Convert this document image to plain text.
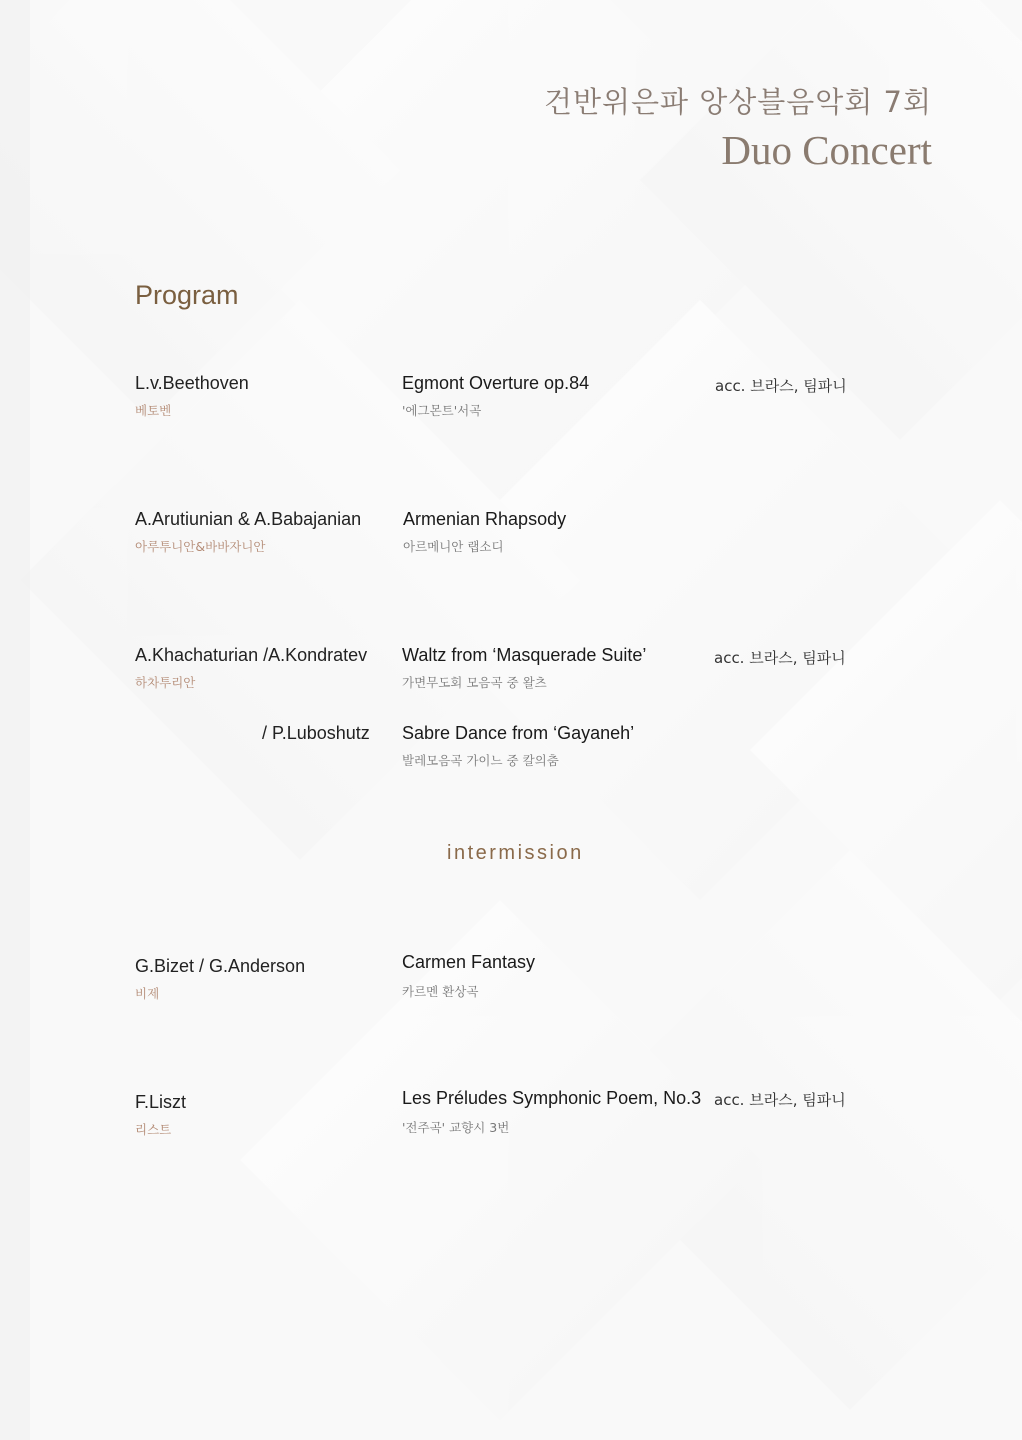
건반위은파 앙상블음악회 7회
Duo Concert
Program
L.v.Beethoven
베토벤
Egmont Overture op.84
'에그몬트'서곡
acc. 브라스, 팀파니
A.Arutiunian & A.Babajanian
아루투니안&바바자니안
Armenian Rhapsody
아르메니안 랩소디
A.Khachaturian /A.Kondratev
하차투리안
Waltz from ‘Masquerade Suite’
가면무도회 모음곡 중 왈츠
acc. 브라스, 팀파니
/ P.Luboshutz Sabre Dance from ‘Gayaneh’
발레모음곡 가이느 중 칼의춤
intermission
G.Bizet / G.Anderson
비제
Carmen Fantasy
카르멘 환상곡
F.Liszt
리스트
Les Préludes Symphonic Poem, No.3
'전주곡' 교향시 3번
acc. 브라스, 팀파니
